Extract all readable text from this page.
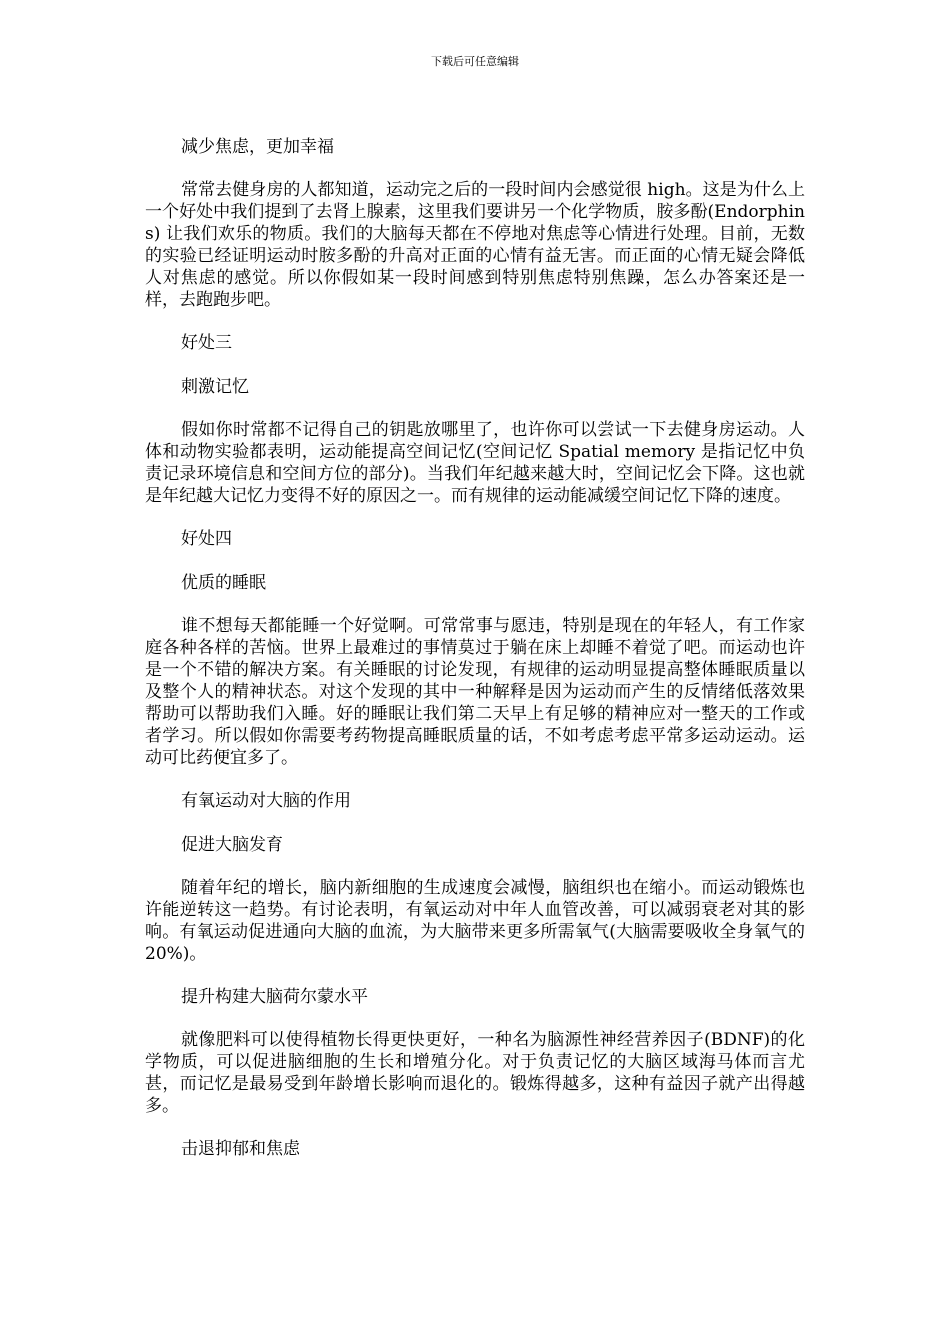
下载后可任意编辑

减少焦虑，更加幸福

常常去健身房的人都知道，运动完之后的一段时间内会感觉很 high。这是为什么上一个好处中我们提到了去肾上腺素，这里我们要讲另一个化学物质，胺多酚(Endorphins) 让我们欢乐的物质。我们的大脑每天都在不停地对焦虑等心情进行处理。目前，无数的实验已经证明运动时胺多酚的升高对正面的心情有益无害。而正面的心情无疑会降低人对焦虑的感觉。所以你假如某一段时间感到特别焦虑特别焦躁，怎么办答案还是一样，去跑跑步吧。

好处三

刺激记忆

假如你时常都不记得自己的钥匙放哪里了，也许你可以尝试一下去健身房运动。人体和动物实验都表明，运动能提高空间记忆(空间记忆 Spatial memory 是指记忆中负责记录环境信息和空间方位的部分)。当我们年纪越来越大时，空间记忆会下降。这也就是年纪越大记忆力变得不好的原因之一。而有规律的运动能减缓空间记忆下降的速度。

好处四

优质的睡眠

谁不想每天都能睡一个好觉啊。可常常事与愿违，特别是现在的年轻人，有工作家庭各种各样的苦恼。世界上最难过的事情莫过于躺在床上却睡不着觉了吧。而运动也许是一个不错的解决方案。有关睡眠的讨论发现，有规律的运动明显提高整体睡眠质量以及整个人的精神状态。对这个发现的其中一种解释是因为运动而产生的反情绪低落效果帮助可以帮助我们入睡。好的睡眠让我们第二天早上有足够的精神应对一整天的工作或者学习。所以假如你需要考药物提高睡眠质量的话，不如考虑考虑平常多运动运动。运动可比药便宜多了。

有氧运动对大脑的作用

促进大脑发育

随着年纪的增长，脑内新细胞的生成速度会减慢，脑组织也在缩小。而运动锻炼也许能逆转这一趋势。有讨论表明，有氧运动对中年人血管改善，可以减弱衰老对其的影响。有氧运动促进通向大脑的血流，为大脑带来更多所需氧气(大脑需要吸收全身氧气的 20%)。

提升构建大脑荷尔蒙水平

就像肥料可以使得植物长得更快更好，一种名为脑源性神经营养因子(BDNF)的化学物质，可以促进脑细胞的生长和增殖分化。对于负责记忆的大脑区域海马体而言尤甚，而记忆是最易受到年龄增长影响而退化的。锻炼得越多，这种有益因子就产出得越多。

击退抑郁和焦虑
